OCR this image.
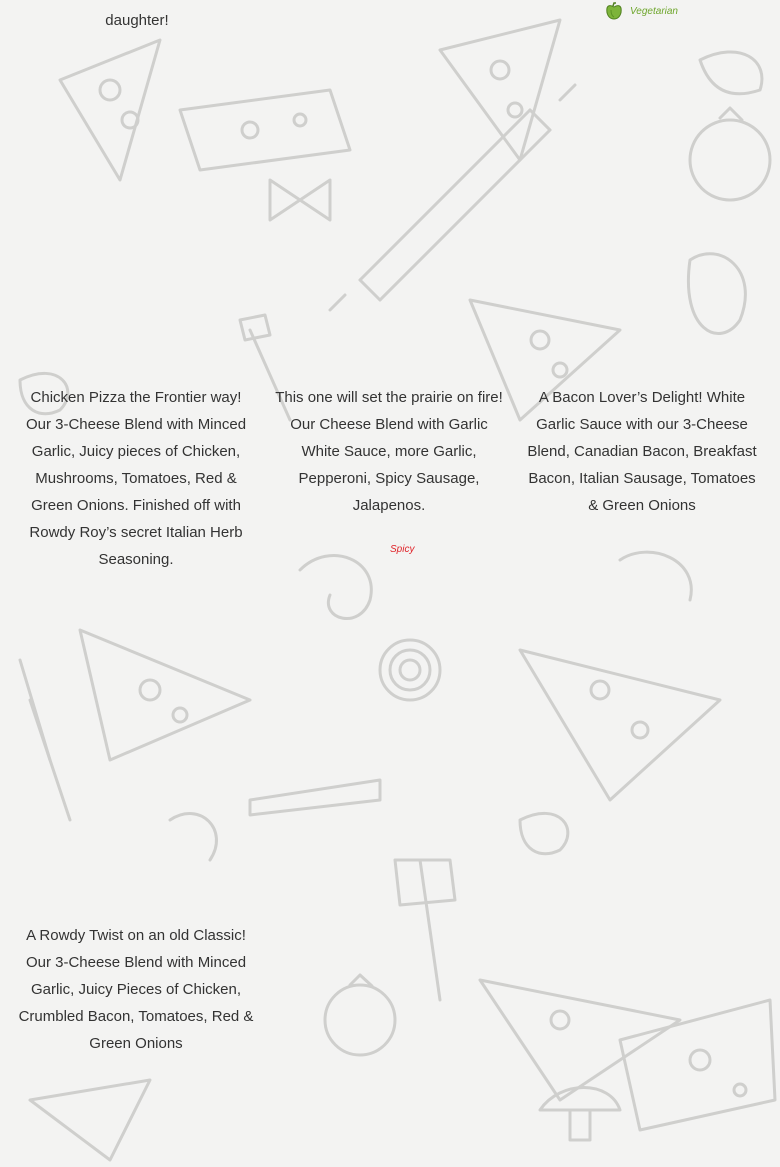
daughter!
Vegetarian
Chicken Pizza the Frontier way! Our 3-Cheese Blend with Minced Garlic, Juicy pieces of Chicken, Mushrooms, Tomatoes, Red & Green Onions. Finished off with Rowdy Roy’s secret Italian Herb Seasoning.
This one will set the prairie on fire! Our Cheese Blend with Garlic White Sauce, more Garlic, Pepperoni, Spicy Sausage, Jalapenos.
Spicy
A Bacon Lover’s Delight! White Garlic Sauce with our 3-Cheese Blend, Canadian Bacon, Breakfast Bacon, Italian Sausage, Tomatoes & Green Onions
A Rowdy Twist on an old Classic! Our 3-Cheese Blend with Minced Garlic, Juicy Pieces of Chicken, Crumbled Bacon, Tomatoes, Red & Green Onions
